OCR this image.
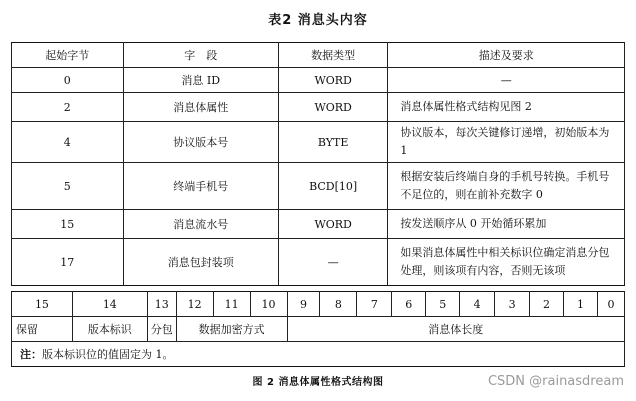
表2 消息头内容
起始字节	字　段	数据类型	描述及要求
0	消息 ID	WORD	—
2	消息体属性	WORD	消息体属性格式结构见图 2
4	协议版本号	BYTE	协议版本，每次关键修订递增，初始版本为 1
5	终端手机号	BCD[10]	根据安装后终端自身的手机号转换。手机号不足位的，则在前补充数字 0
15	消息流水号	WORD	按发送顺序从 0 开始循环累加
17	消息包封装项	—	如果消息体属性中相关标识位确定消息分包处理，则该项有内容，否则无该项
15	14	13	12	11	10	9	8	7	6	5	4	3	2	1	0
保留	版本标识	分包	数据加密方式			消息体长度									
注：版本标识位的值固定为 1。															
图 2 消息体属性格式结构图	CSDN @rainasdream
